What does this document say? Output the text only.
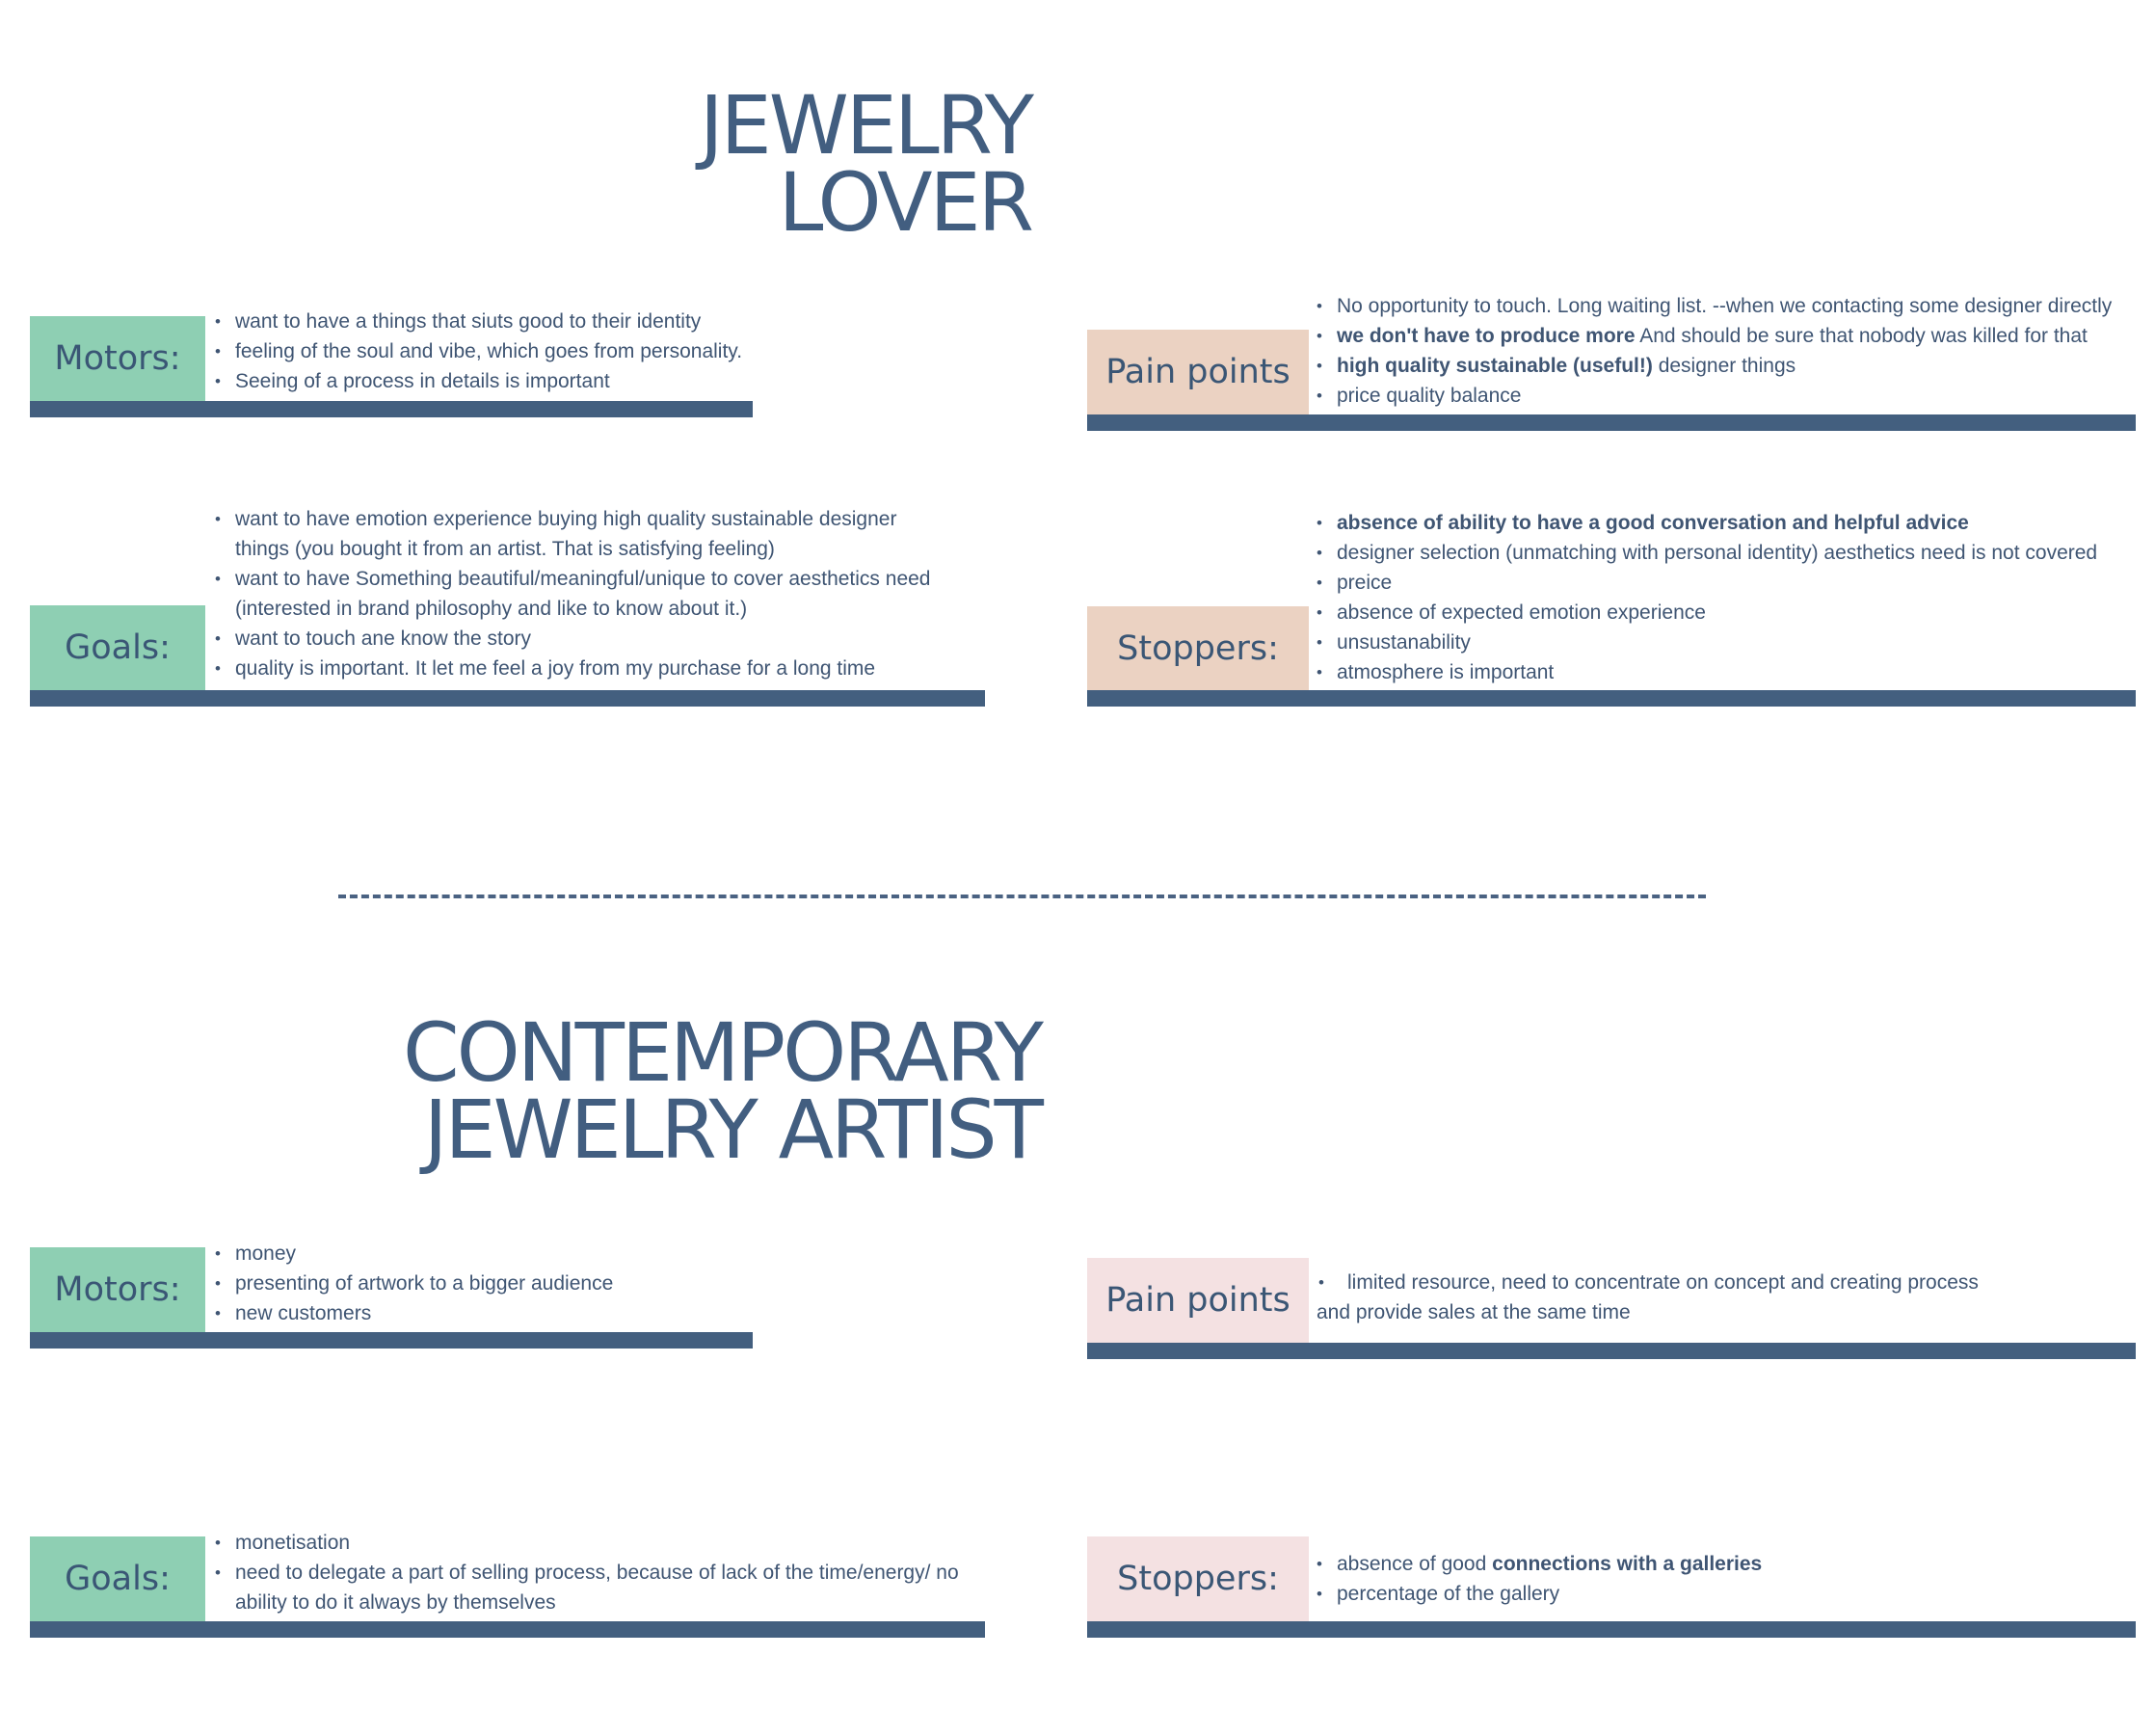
JEWELRY
LOVER
Motors:
• want to have a things that siuts good to their identity
• feeling of the soul and vibe, which goes from personality.
• Seeing of a process in details is important
Goals:
• want to have emotion experience buying high quality sustainable designer things (you bought it from an artist. That is satisfying feeling)
• want to have Something beautiful/meaningful/unique to cover aesthetics need (interested in brand philosophy and like to know about it.)
• want to touch ane know the story
• quality is important. It let me feel a joy from my purchase for a long time
Pain points
• No opportunity to touch. Long waiting list. --when we contacting some designer directly
• we don't have to produce more And should be sure that nobody was killed for that
• high quality sustainable (useful!) designer things
• price quality balance
Stoppers:
• absence of ability to have a good conversation and helpful advice
• designer selection (unmatching with personal identity) aesthetics need is not covered
• preice
• absence of expected emotion experience
• unsustanability
• atmosphere is important
CONTEMPORARY
JEWELRY ARTIST
Motors:
• money
• presenting of artwork to a bigger audience
• new customers	Pain points	• limited resource, need to concentrate on concept and creating process
and provide sales at the same time
Goals:
• monetisation
• need to delegate a part of selling process, because of lack of the time/energy/ no ability to do it always by themselves
Stoppers:	• absence of good connections with a galleries
• percentage of the gallery
